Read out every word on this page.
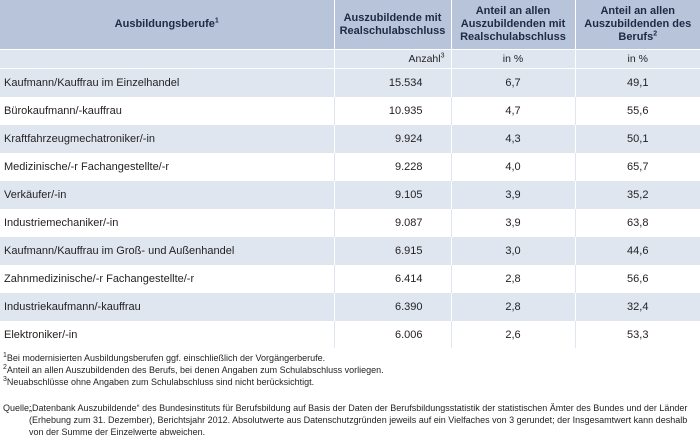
Ausbildungsberufe$^1$	Auszubildende mit Realschulabschluss	Anteil an allen Auszubildenden mit Realschulabschluss	Anteil an allen Auszubildenden des Berufs$^2$
	Anzahl$^3$	in %	in %
Kaufmann/Kauffrau im Einzelhandel	15.534	6,7	49,1
Bürokaufmann/-kauffrau	10.935	4,7	55,6
Kraftfahrzeugmechatroniker/-in	9.924	4,3	50,1
Medizinische/-r Fachangestellte/-r	9.228	4,0	65,7
Verkäufer/-in	9.105	3,9	35,2
Industriemechaniker/-in	9.087	3,9	63,8
Kaufmann/Kauffrau im Groß- und Außenhandel	6.915	3,0	44,6
Zahnmedizinische/-r Fachangestellte/-r	6.414	2,8	56,6
Industriekaufmann/-kauffrau	6.390	2,8	32,4
Elektroniker/-in	6.006	2,6	53,3
$^1$Bei modernisierten Ausbildungsberufen ggf. einschließlich der Vorgängerberufe.
$^2$Anteil an allen Auszubildenden des Berufs, bei denen Angaben zum Schulabschluss vorliegen.
$^3$Neuabschlüsse ohne Angaben zum Schulabschluss sind nicht berücksichtigt.
Quelle:„Datenbank Auszubildende“ des Bundesinstituts für Berufsbildung auf Basis der Daten der Berufsbildungsstatistik der statistischen Ämter des Bundes und der Länder (Erhebung zum 31. Dezember), Berichtsjahr 2012. Absolutwerte aus Datenschutzgründen jeweils auf ein Vielfaches von 3 gerundet; der Insgesamtwert kann deshalb von der Summe der Einzelwerte abweichen.
